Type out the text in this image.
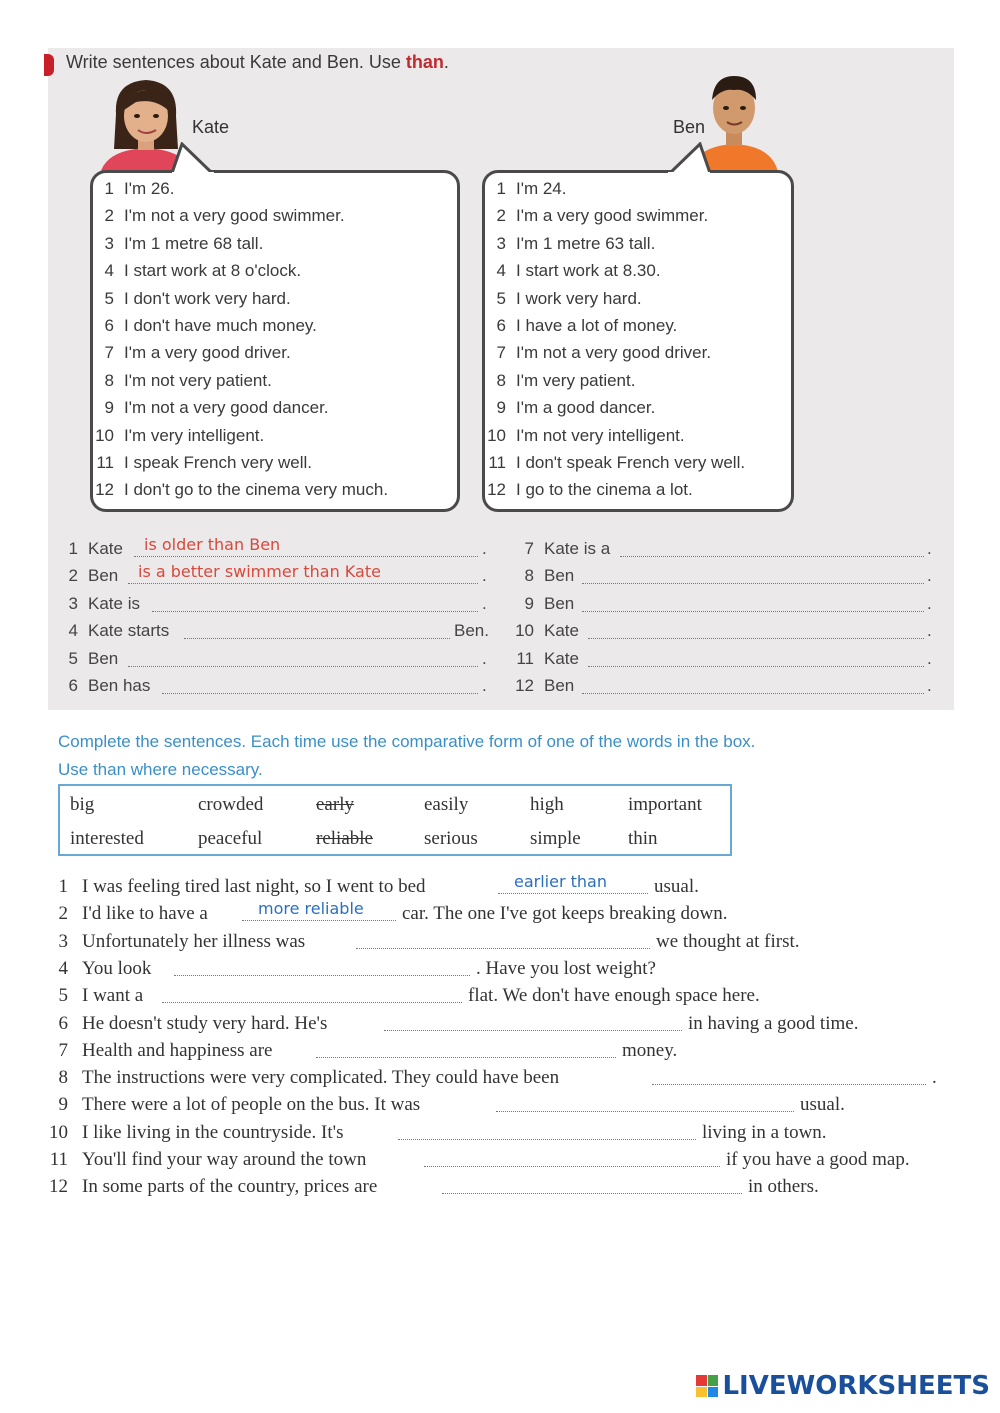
Write sentences about Kate and Ben. Use than.
Kate	Ben
1 I'm 26.
2 I'm not a very good swimmer.
3 I'm 1 metre 68 tall.
4 I start work at 8 o'clock.
5 I don't work very hard.
6 I don't have much money.
7 I'm a very good driver.
8 I'm not very patient.
9 I'm not a very good dancer.
10 I'm very intelligent.
11 I speak French very well.
12 I don't go to the cinema very much.
1 I'm 24.
2 I'm a very good swimmer.
3 I'm 1 metre 63 tall.
4 I start work at 8.30.
5 I work very hard.
6 I have a lot of money.
7 I'm not a very good driver.
8 I'm very patient.
9 I'm a good dancer.
10 I'm not very intelligent.
11 I don't speak French very well.
12 I go to the cinema a lot.
1 Kate	.
is older than Ben
2 Ben	.
is a better swimmer than Kate
3 Kate is	.
4 Kate starts	Ben.
5 Ben	.
6 Ben has	.
7 Kate is a	.
8 Ben	.
9 Ben	.
10 Kate	.
11 Kate	.
12 Ben	.
Complete the sentences. Each time use the comparative form of one of the words in the box.
Use than where necessary.
big	crowded	early	easily	high	important
interested	peaceful	reliable	serious	simple thin
1 I was feeling tired last night, so I went to bed	usual.
earlier than
2 I'd like to have a	car. The one I've got keeps breaking down.
more reliable
3 Unfortunately her illness was	we thought at first.
4 You look	. Have you lost weight?
5 I want a	flat. We don't have enough space here.
6 He doesn't study very hard. He's	in having a good time.
7 Health and happiness are	money.
8 The instructions were very complicated. They could have been	.
9 There were a lot of people on the bus. It was	usual.
10 I like living in the countryside. It's	living in a town.
11 You'll find your way around the town	if you have a good map.
12 In some parts of the country, prices are	in others.
LIVEWORKSHEETS
